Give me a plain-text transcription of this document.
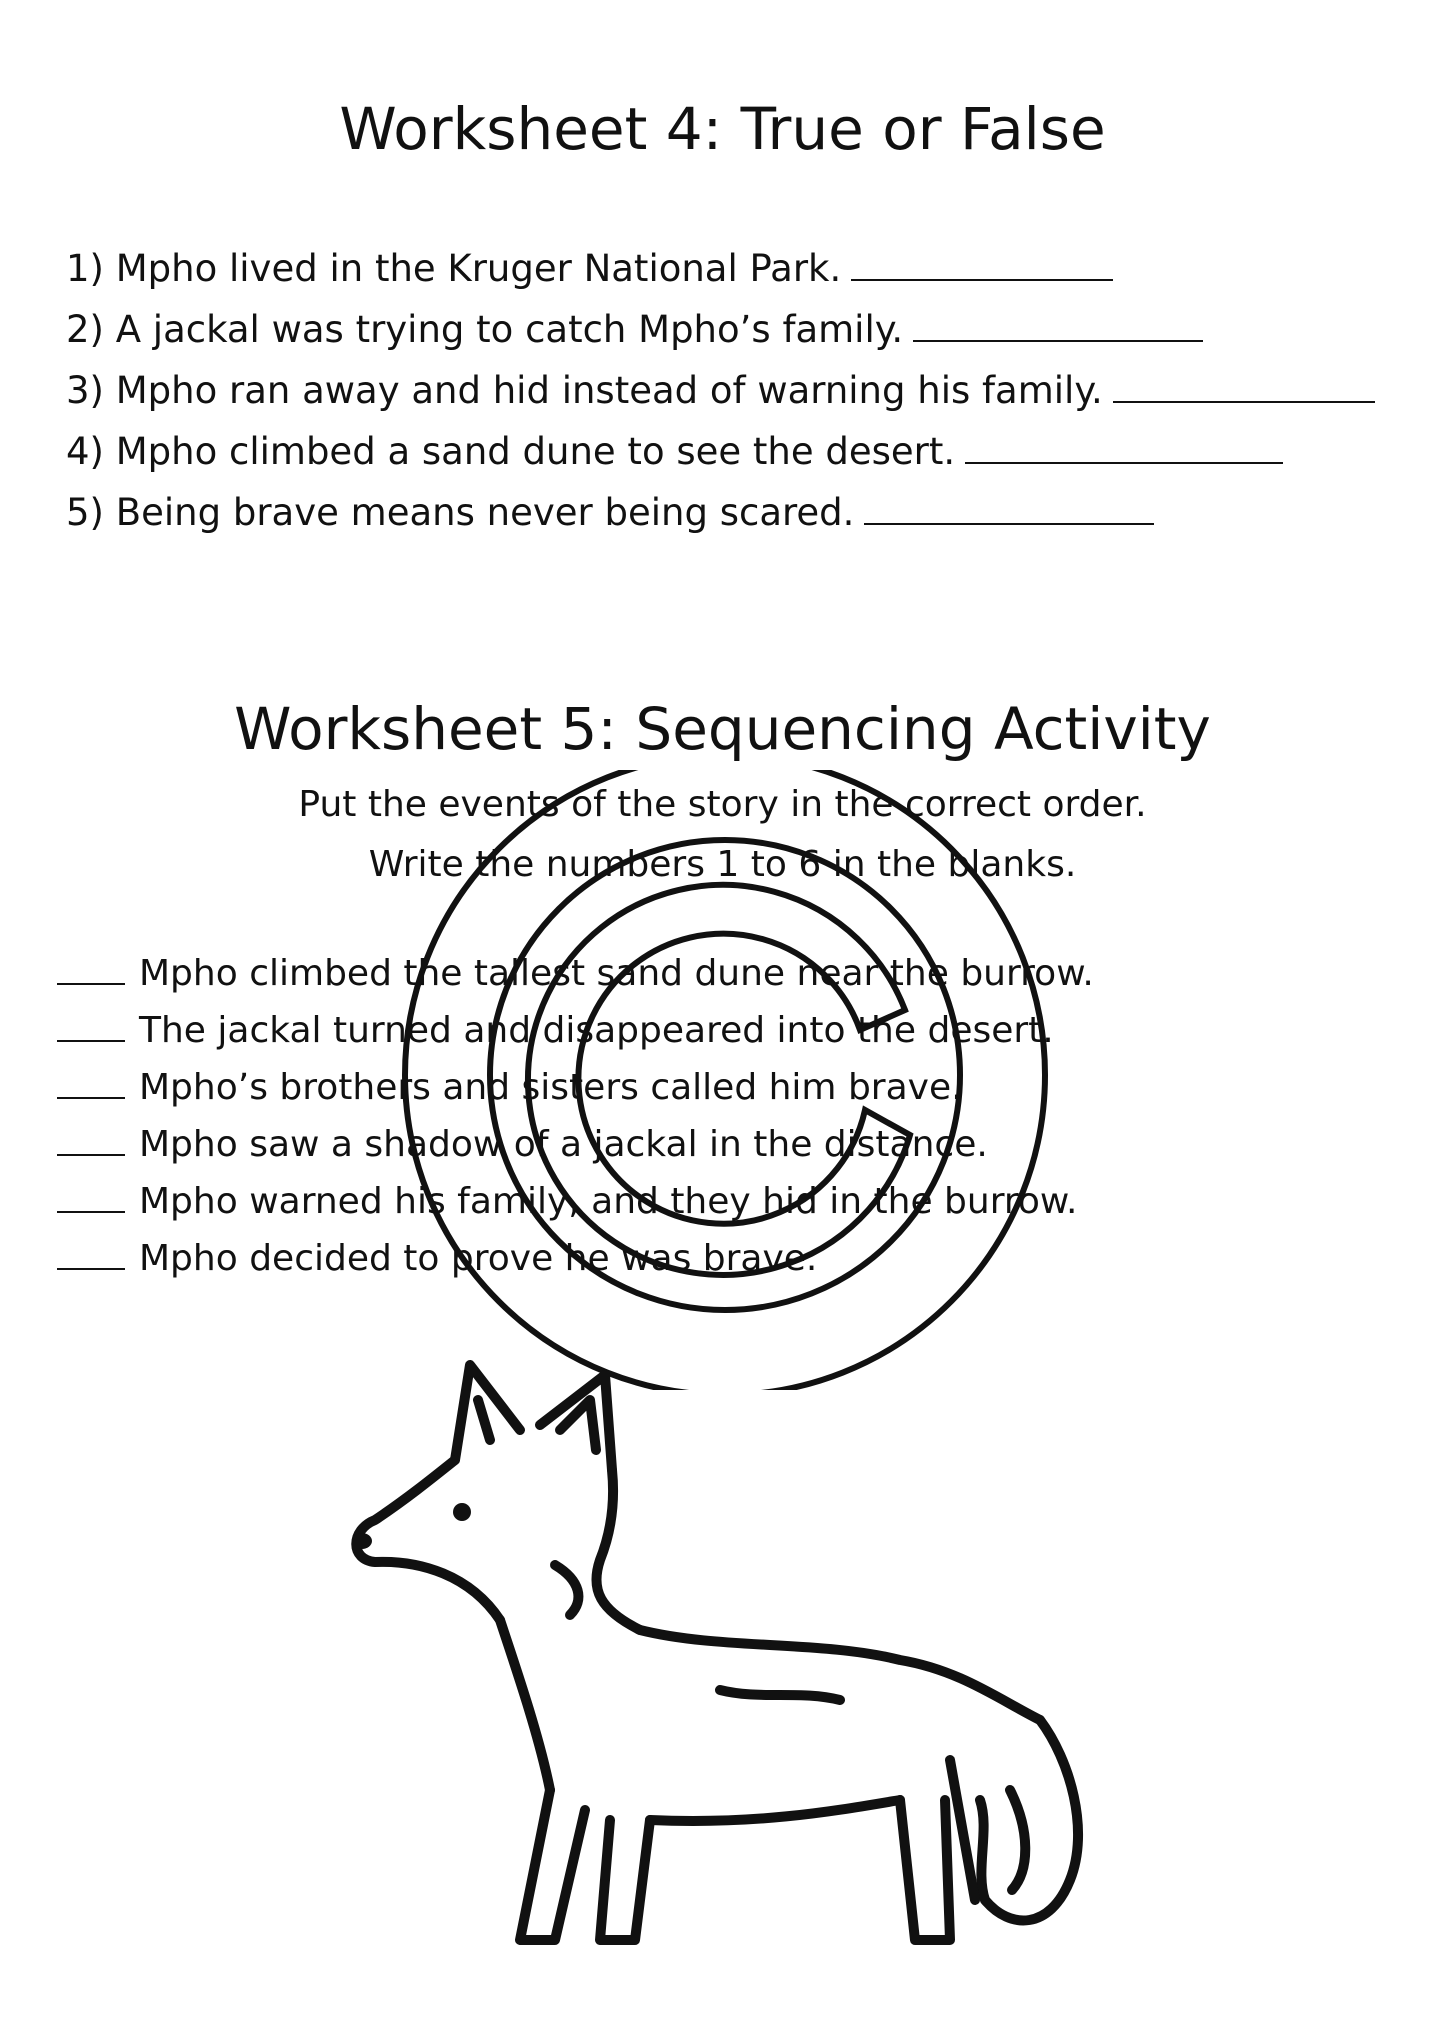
Worksheet 4: True or False
1) Mpho lived in the Kruger National Park.
2) A jackal was trying to catch Mpho’s family.
3) Mpho ran away and hid instead of warning his family.
4) Mpho climbed a sand dune to see the desert.
5) Being brave means never being scared.
Worksheet 5: Sequencing Activity
Put the events of the story in the correct order.
Write the numbers 1 to 6 in the blanks.
Mpho climbed the tallest sand dune near the burrow.
The jackal turned and disappeared into the desert.
Mpho’s brothers and sisters called him brave.
Mpho saw a shadow of a jackal in the distance.
Mpho warned his family, and they hid in the burrow.
Mpho decided to prove he was brave.
